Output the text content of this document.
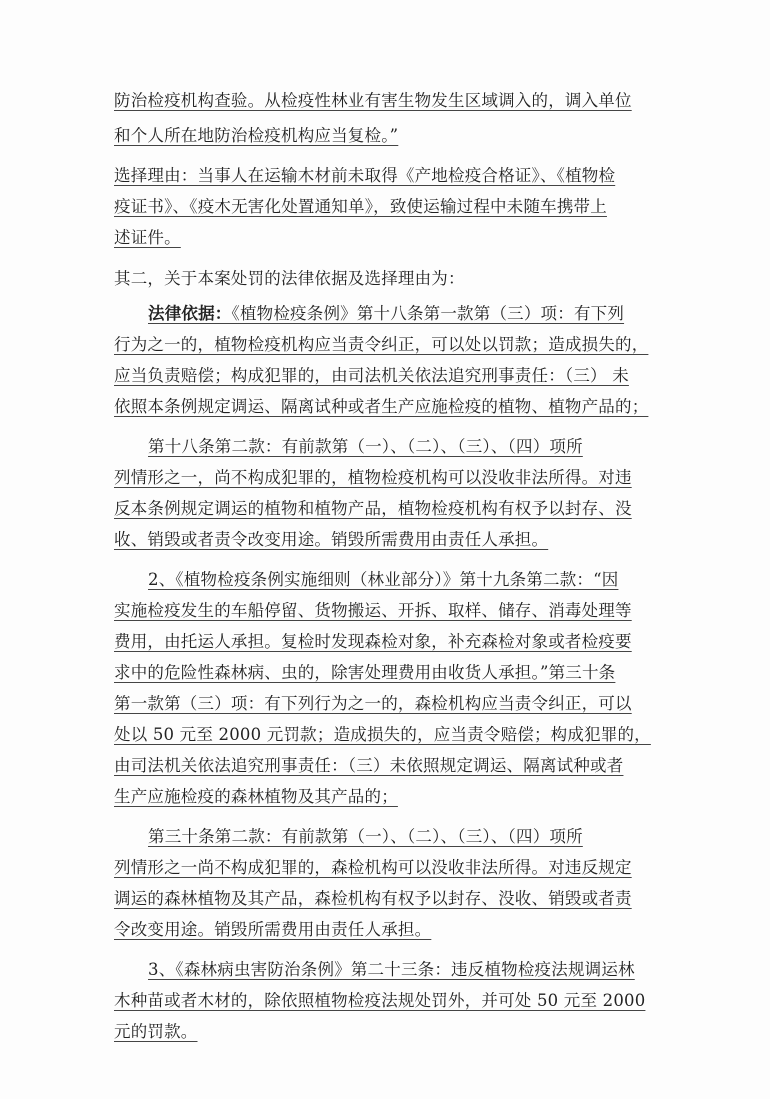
防治检疫机构查验。从检疫性林业有害生物发生区域调入的，调入单位
和个人所在地防治检疫机构应当复检。”
选择理由：当事人在运输木材前未取得《产地检疫合格证》、《植物检
疫证书》、《疫木无害化处置通知单》，致使运输过程中未随车携带上
述证件。
其二，关于本案处罚的法律依据及选择理由为：
法律依据：《植物检疫条例》第十八条第一款第（三）项：有下列
行为之一的，植物检疫机构应当责令纠正，可以处以罚款；造成损失的，
应当负责赔偿；构成犯罪的，由司法机关依法追究刑事责任：（三） 未
依照本条例规定调运、隔离试种或者生产应施检疫的植物、植物产品的；
第十八条第二款：有前款第（一）、（二）、（三）、（四）项所
列情形之一，尚不构成犯罪的，植物检疫机构可以没收非法所得。对违
反本条例规定调运的植物和植物产品，植物检疫机构有权予以封存、没
收、销毁或者责令改变用途。销毁所需费用由责任人承担。
2、《植物检疫条例实施细则（林业部分）》第十九条第二款：“因
实施检疫发生的车船停留、货物搬运、开拆、取样、储存、消毒处理等
费用，由托运人承担。复检时发现森检对象，补充森检对象或者检疫要
求中的危险性森林病、虫的，除害处理费用由收货人承担。”第三十条
第一款第（三）项：有下列行为之一的，森检机构应当责令纠正，可以
处以 50 元至 2000 元罚款；造成损失的，应当责令赔偿；构成犯罪的，
由司法机关依法追究刑事责任：（三）未依照规定调运、隔离试种或者
生产应施检疫的森林植物及其产品的；
第三十条第二款：有前款第（一）、（二）、（三）、（四）项所
列情形之一尚不构成犯罪的，森检机构可以没收非法所得。对违反规定
调运的森林植物及其产品，森检机构有权予以封存、没收、销毁或者责
令改变用途。销毁所需费用由责任人承担。
3、《森林病虫害防治条例》第二十三条：违反植物检疫法规调运林
木种苗或者木材的，除依照植物检疫法规处罚外，并可处 50 元至 2000
元的罚款。
